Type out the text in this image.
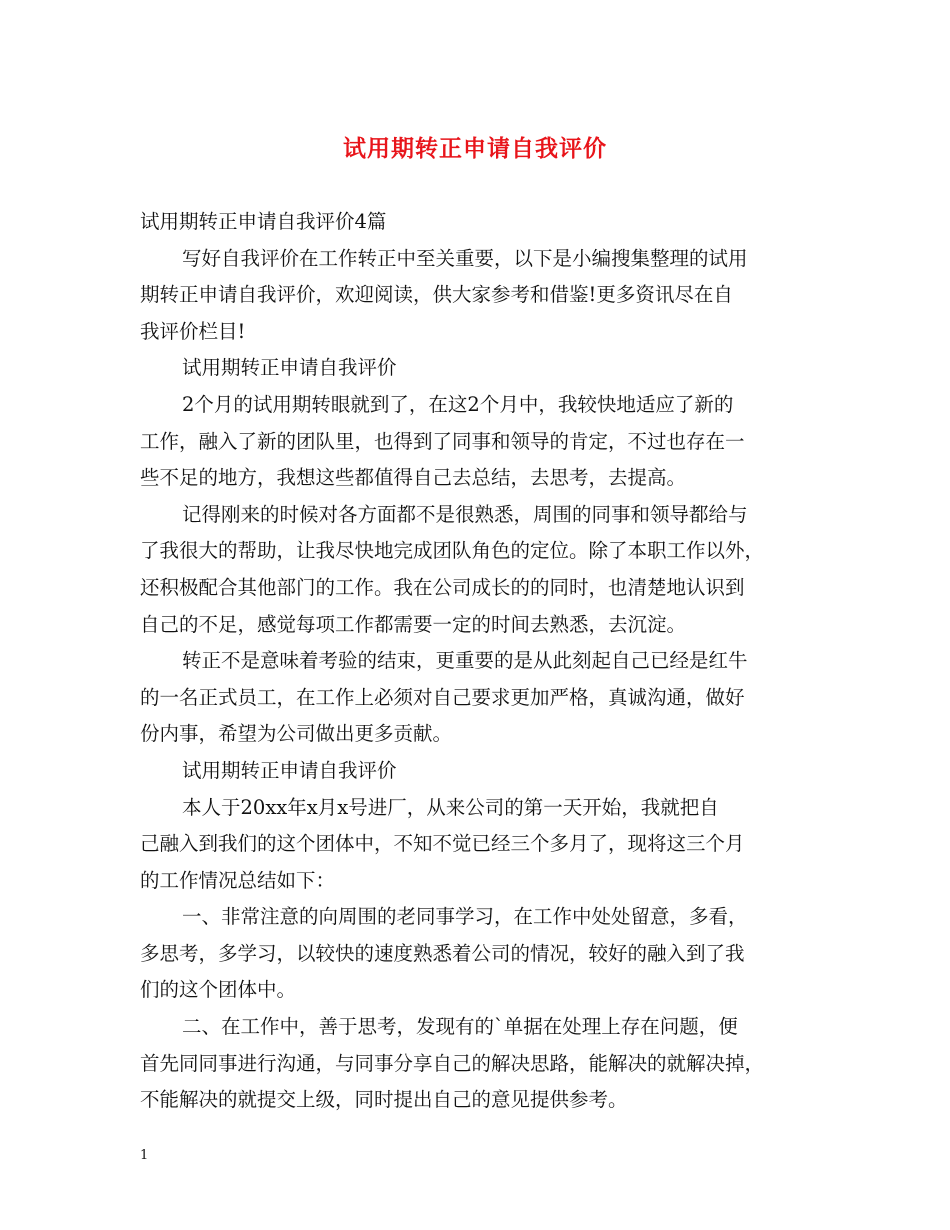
试用期转正申请自我评价
试用期转正申请自我评价4篇
写好自我评价在工作转正中至关重要，以下是小编搜集整理的试用
期转正申请自我评价，欢迎阅读，供大家参考和借鉴!更多资讯尽在自
我评价栏目!
试用期转正申请自我评价
2个月的试用期转眼就到了，在这2个月中，我较快地适应了新的
工作，融入了新的团队里，也得到了同事和领导的肯定，不过也存在一
些不足的地方，我想这些都值得自己去总结，去思考，去提高。
记得刚来的时候对各方面都不是很熟悉，周围的同事和领导都给与
了我很大的帮助，让我尽快地完成团队角色的定位。除了本职工作以外，
还积极配合其他部门的工作。我在公司成长的的同时，也清楚地认识到
自己的不足，感觉每项工作都需要一定的时间去熟悉，去沉淀。
转正不是意味着考验的结束，更重要的是从此刻起自己已经是红牛
的一名正式员工，在工作上必须对自己要求更加严格，真诚沟通，做好
份内事，希望为公司做出更多贡献。
试用期转正申请自我评价
本人于20xx年x月x号进厂，从来公司的第一天开始，我就把自
己融入到我们的这个团体中，不知不觉已经三个多月了，现将这三个月
的工作情况总结如下：
一、非常注意的向周围的老同事学习，在工作中处处留意，多看，
多思考，多学习，以较快的速度熟悉着公司的情况，较好的融入到了我
们的这个团体中。
二、在工作中，善于思考，发现有的`单据在处理上存在问题，便
首先同同事进行沟通，与同事分享自己的解决思路，能解决的就解决掉，
不能解决的就提交上级，同时提出自己的意见提供参考。
1
